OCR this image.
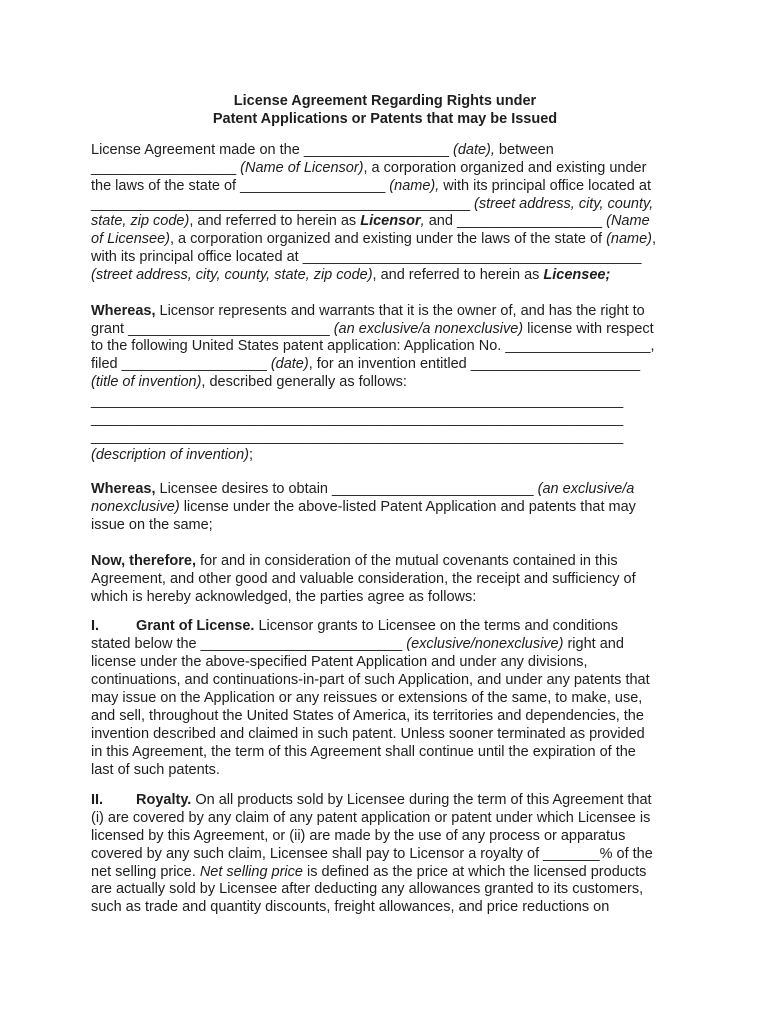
License Agreement Regarding Rights under
Patent Applications or Patents that may be Issued
License Agreement made on the __________________ (date), between
__________________ (Name of Licensor), a corporation organized and existing under
the laws of the state of __________________ (name), with its principal office located at
_______________________________________________ (street address, city, county,
state, zip code), and referred to herein as Licensor, and __________________ (Name
of Licensee), a corporation organized and existing under the laws of the state of (name),
with its principal office located at __________________________________________
(street address, city, county, state, zip code), and referred to herein as Licensee;
Whereas, Licensor represents and warrants that it is the owner of, and has the right to
grant _________________________ (an exclusive/a nonexclusive) license with respect
to the following United States patent application: Application No. __________________,
filed __________________ (date), for an invention entitled _____________________
(title of invention), described generally as follows:
__________________________________________________________________
__________________________________________________________________
__________________________________________________________________
(description of invention);
Whereas, Licensee desires to obtain _________________________ (an exclusive/a
nonexclusive) license under the above-listed Patent Application and patents that may
issue on the same;
Now, therefore, for and in consideration of the mutual covenants contained in this
Agreement, and other good and valuable consideration, the receipt and sufficiency of
which is hereby acknowledged, the parties agree as follows:
I.	Grant of License. Licensor grants to Licensee on the terms and conditions
stated below the _________________________ (exclusive/nonexclusive) right and
license under the above-specified Patent Application and under any divisions,
continuations, and continuations-in-part of such Application, and under any patents that
may issue on the Application or any reissues or extensions of the same, to make, use,
and sell, throughout the United States of America, its territories and dependencies, the
invention described and claimed in such patent. Unless sooner terminated as provided
in this Agreement, the term of this Agreement shall continue until the expiration of the
last of such patents.
II. Royalty. On all products sold by Licensee during the term of this Agreement that
(i) are covered by any claim of any patent application or patent under which Licensee is
licensed by this Agreement, or (ii) are made by the use of any process or apparatus
covered by any such claim, Licensee shall pay to Licensor a royalty of _______% of the
net selling price. Net selling price is defined as the price at which the licensed products
are actually sold by Licensee after deducting any allowances granted to its customers,
such as trade and quantity discounts, freight allowances, and price reductions on
